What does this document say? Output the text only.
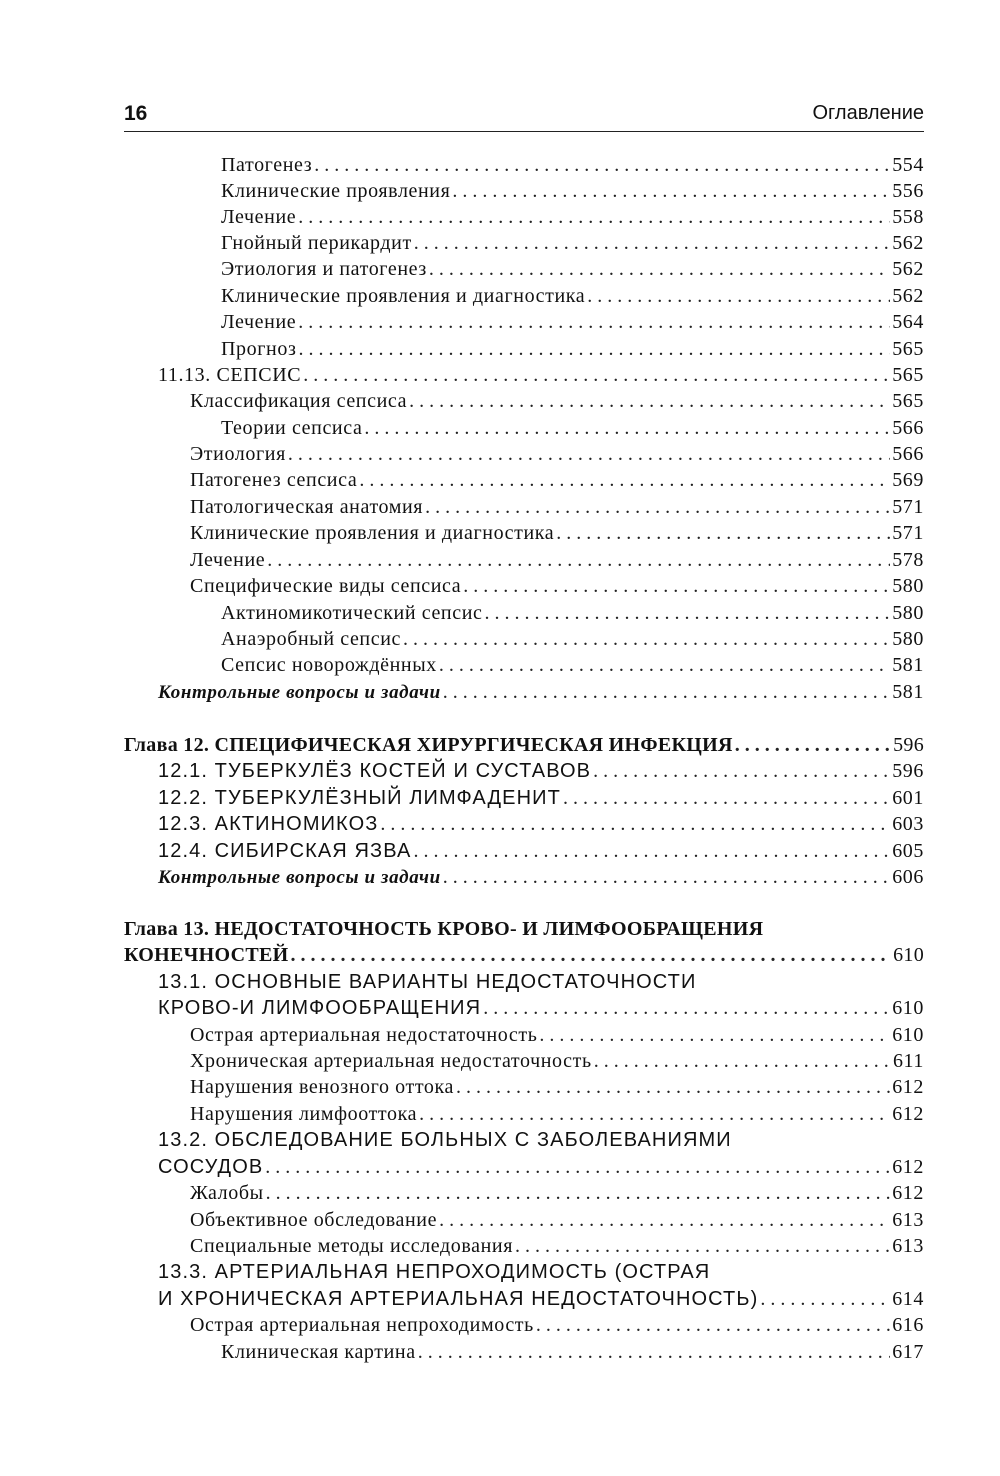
16	Оглавление
Патогенез . . .	554
Клинические проявления . . .	556
Лечение . . .	558
Гнойный перикардит . . .	562
Этиология и патогенез . . .	562
Клинические проявления и диагностика . . .	562
Лечение . . .	564
Прогноз . . .	565
11.13. СЕПСИС . . .	565
Классификация сепсиса . . .	565
Теории сепсиса . . .	566
Этиология . . .	566
Патогенез сепсиса . . .	569
Патологическая анатомия . . .	571
Клинические проявления и диагностика . . .	571
Лечение . . .	578
Специфические виды сепсиса . . .	580
Актиномикотический сепсис . . .	580
Анаэробный сепсис . . .	580
Сепсис новорождённых . . .	581
Контрольные вопросы и задачи . . .	581
Глава 12. СПЕЦИФИЧЕСКАЯ ХИРУРГИЧЕСКАЯ ИНФЕКЦИЯ . . .	596
12.1. ТУБЕРКУЛЁЗ КОСТЕЙ И СУСТАВОВ . . .	596
12.2. ТУБЕРКУЛЁЗНЫЙ ЛИМФАДЕНИТ . . .	601
12.3. АКТИНОМИКОЗ . . .	603
12.4. СИБИРСКАЯ ЯЗВА . . .	605
Контрольные вопросы и задачи . . .	606
Глава 13. НЕДОСТАТОЧНОСТЬ КРОВО- И ЛИМФООБРАЩЕНИЯ
КОНЕЧНОСТЕЙ . . .	610
13.1. ОСНОВНЫЕ ВАРИАНТЫ НЕДОСТАТОЧНОСТИ
КРОВО-И ЛИМФООБРАЩЕНИЯ . . .	610
Острая артериальная недостаточность . . .	610
Хроническая артериальная недостаточность . . .	611
Нарушения венозного оттока . . .	612
Нарушения лимфооттока . . .	612
13.2. ОБСЛЕДОВАНИЕ БОЛЬНЫХ С ЗАБОЛЕВАНИЯМИ
СОСУДОВ . . .	612
Жалобы . . .	612
Объективное обследование . . .	613
Специальные методы исследования . . .	613
13.3. АРТЕРИАЛЬНАЯ НЕПРОХОДИМОСТЬ (ОСТРАЯ
И ХРОНИЧЕСКАЯ АРТЕРИАЛЬНАЯ НЕДОСТАТОЧНОСТЬ) . . .	614
Острая артериальная непроходимость . . .	616
Клиническая картина . . .	617
